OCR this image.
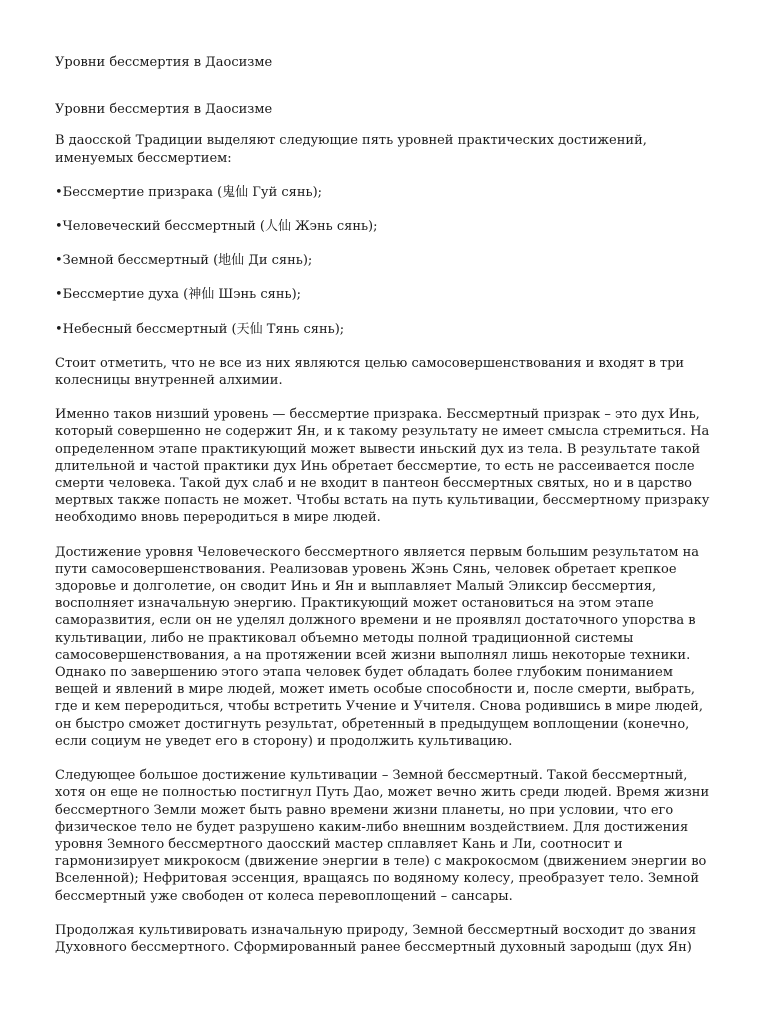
Уровни бессмертия в Даосизме

Уровни бессмертия в Даосизме

В даосской Традиции выделяют следующие пять уровней практических достижений, именуемых бессмертием:

•Бессмертие призрака (鬼仙 Гуй сянь);

•Человеческий бессмертный (人仙 Жэнь сянь);

•Земной бессмертный (地仙 Ди сянь);

•Бессмертие духа (神仙 Шэнь сянь);

•Небесный бессмертный (天仙 Тянь сянь);

Стоит отметить, что не все из них являются целью самосовершенствования и входят в три колесницы внутренней алхимии.

Именно таков низший уровень — бессмертие призрака. Бессмертный призрак – это дух Инь, который совершенно не содержит Ян, и к такому результату не имеет смысла стремиться. На определенном этапе практикующий может вывести иньский дух из тела. В результате такой длительной и частой практики дух Инь обретает бессмертие, то есть не рассеивается после смерти человека. Такой дух слаб и не входит в пантеон бессмертных святых, но и в царство мертвых также попасть не может. Чтобы встать на путь культивации, бессмертному призраку необходимо вновь переродиться в мире людей.

Достижение уровня Человеческого бессмертного является первым большим результатом на пути самосовершенствования. Реализовав уровень Жэнь Сянь, человек обретает крепкое здоровье и долголетие, он сводит Инь и Ян и выплавляет Малый Эликсир бессмертия, восполняет изначальную энергию. Практикующий может остановиться на этом этапе саморазвития, если он не уделял должного времени и не проявлял достаточного упорства в культивации, либо не практиковал объемно методы полной традиционной системы самосовершенствования, а на протяжении всей жизни выполнял лишь некоторые техники. Однако по завершению этого этапа человек будет обладать более глубоким пониманием вещей и явлений в мире людей, может иметь особые способности и, после смерти, выбрать, где и кем переродиться, чтобы встретить Учение и Учителя. Снова родившись в мире людей, он быстро сможет достигнуть результат, обретенный в предыдущем воплощении (конечно, если социум не уведет его в сторону) и продолжить культивацию.

Следующее большое достижение культивации – Земной бессмертный. Такой бессмертный, хотя он еще не полностью постигнул Путь Дао, может вечно жить среди людей. Время жизни бессмертного Земли может быть равно времени жизни планеты, но при условии, что его физическое тело не будет разрушено каким-либо внешним воздействием. Для достижения уровня Земного бессмертного даосский мастер сплавляет Кань и Ли, соотносит и гармонизирует микрокосм (движение энергии в теле) с макрокосмом (движением энергии во Вселенной); Нефритовая эссенция, вращаясь по водяному колесу, преобразует тело. Земной бессмертный уже свободен от колеса перевоплощений – сансары.

Продолжая культивировать изначальную природу, Земной бессмертный восходит до звания Духовного бессмертного. Сформированный ранее бессмертный духовный зародыш (дух Ян)
